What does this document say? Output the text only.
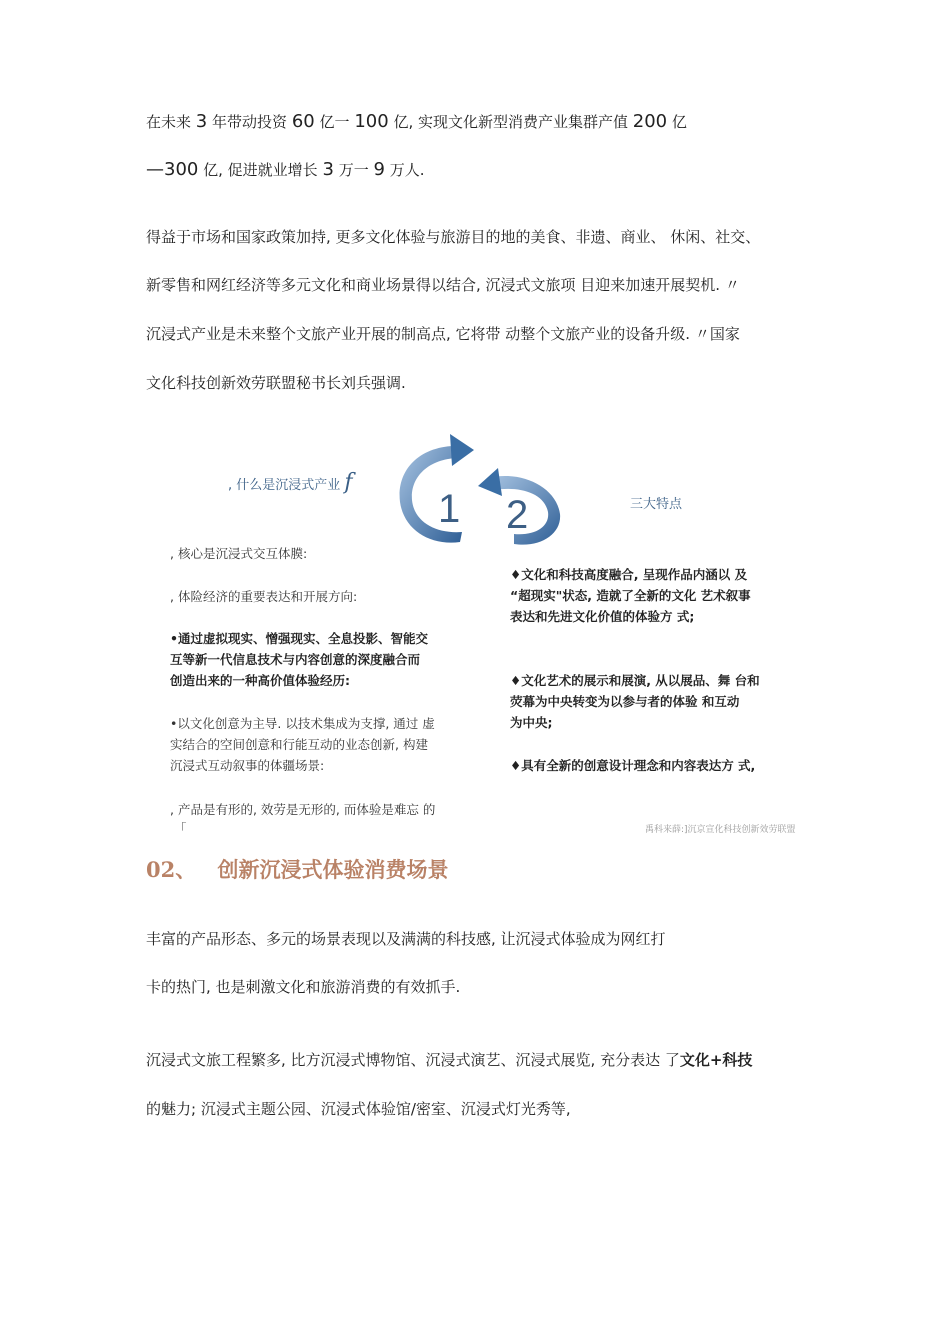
在未来 3 年带动投资 60 亿一 100 亿, 实现文化新型消费产业集群产值 200 亿
—300 亿, 促进就业增长 3 万一 9 万人.
得益于市场和国家政策加持, 更多文化体验与旅游目的地的美食、非遗、商业、 休闲、社交、
新零售和网红经济等多元文化和商业场景得以结合, 沉浸式文旅项 目迎来加速开展契机. 〃
沉浸式产业是未来整个文旅产业开展的制高点, 它将带 动整个文旅产业的设备升级. 〃国家
文化科技创新效劳联盟秘书长刘兵强调.
1 2
, 什么是沉浸式产业 f
三大特点
, 核心是沉浸式交互体膜:
, 体险经济的重要表达和开展方向:
•通过虚拟现实、憎强现实、全息投影、智能交
互等新一代信息技术与内容创意的深度融合而
创造出来的一种高价值体验经历:
•以文化创意为主导. 以技术集成为支撑, 通过 虚
实结合的空间创意和行能互动的业态创新, 构建
沉浸式互动叙事的体疆场景:
, 产品是有形的, 效劳是无形的, 而体验是难忘 的
「
♦文化和科技高度融合, 呈现作品内涵以 及
“超现实"状态, 造就了全新的文化 艺术叙事
表达和先进文化价值的体验方 式;
♦文化艺术的展示和展演, 从以展品、舞 台和
荧幕为中央转变为以参与者的体验 和互动
为中央;
♦具有全新的创意设计理念和内容表达方 式,
禹科来薛:]沉京宣化科技创新效劳联盟
02、 创新沉浸式体验消费场景
丰富的产品形态、多元的场景表现以及满满的科技感, 让沉浸式体验成为网红打
卡的热门, 也是刺激文化和旅游消费的有效抓手.
沉浸式文旅工程繁多, 比方沉浸式博物馆、沉浸式演艺、沉浸式展览, 充分表达 了文化+科技
的魅力; 沉浸式主题公园、沉浸式体验馆/密室、沉浸式灯光秀等,
